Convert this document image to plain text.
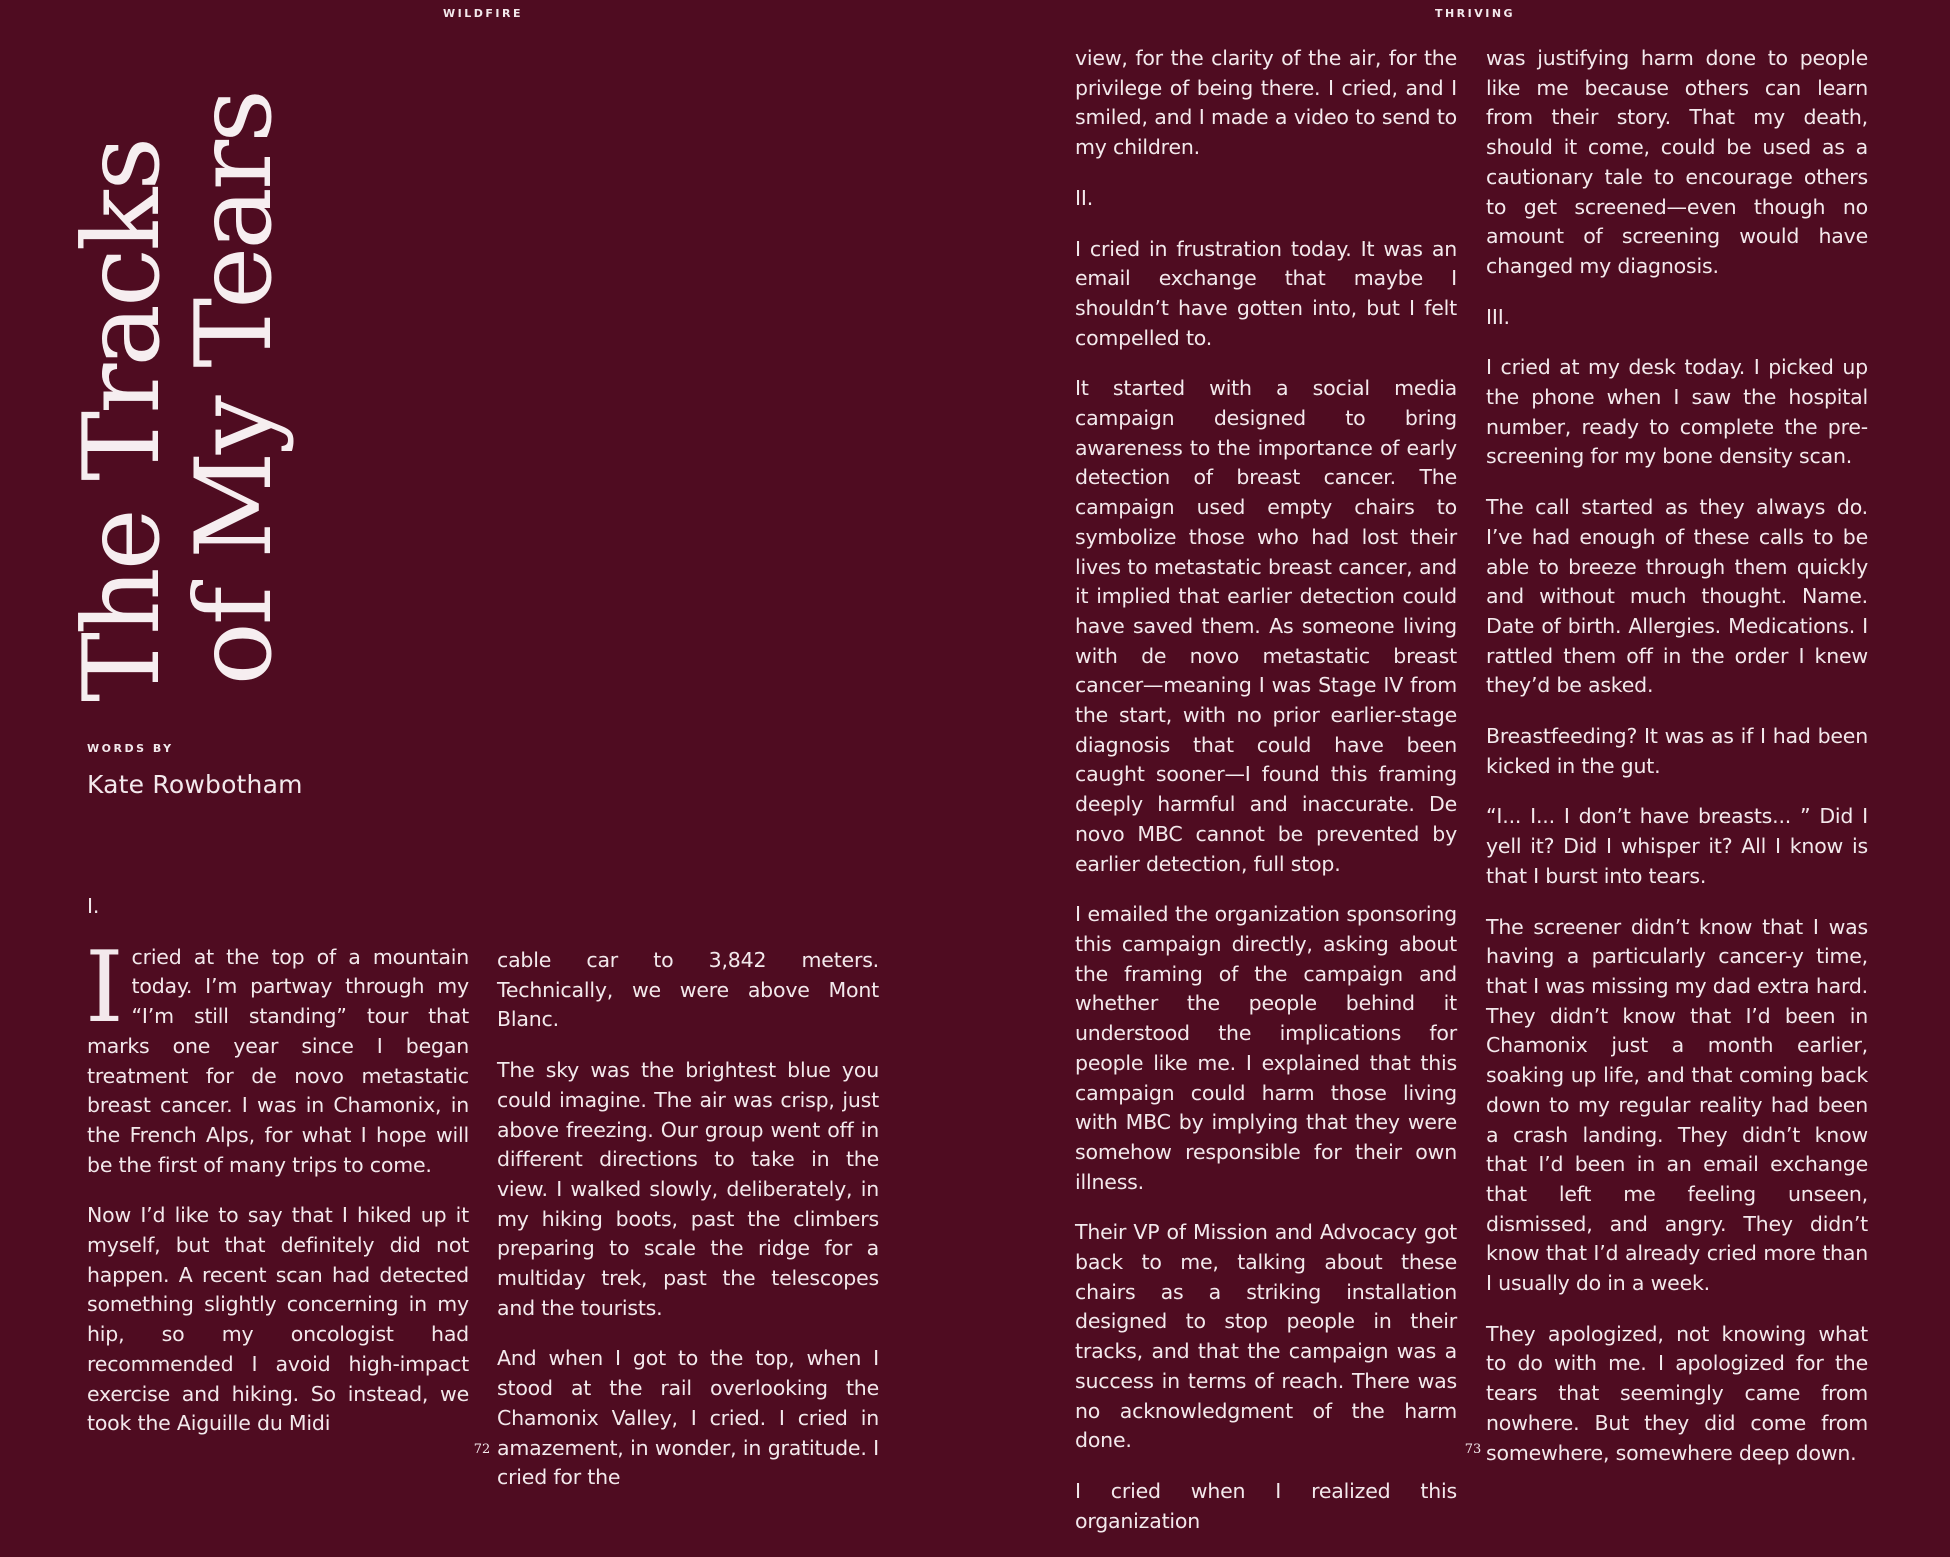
WILDFIRE
The Tracks
of My Tears
WORDS BY
Kate Rowbotham
I.

Icried at the top of a mountain today. I’m partway through my “I’m still standing” tour that marks one year since I began treatment for de novo metastatic breast cancer. I was in Chamonix, in the French Alps, for what I hope will be the first of many trips to come.

Now I’d like to say that I hiked up it myself, but that definitely did not happen. A recent scan had detected something slightly concerning in my hip, so my oncologist had recommended I avoid high-impact exercise and hiking. So instead, we took the Aiguille du Midi

cable car to 3,842 meters. Technically, we were above Mont Blanc.

The sky was the brightest blue you could imagine. The air was crisp, just above freezing. Our group went off in different directions to take in the view. I walked slowly, deliberately, in my hiking boots, past the climbers preparing to scale the ridge for a multiday trek, past the telescopes and the tourists.

And when I got to the top, when I stood at the rail overlooking the Chamonix Valley, I cried. I cried in amazement, in wonder, in gratitude. I cried for the

72
THRIVING

view, for the clarity of the air, for the privilege of being there. I cried, and I smiled, and I made a video to send to my children.

II.

I cried in frustration today. It was an email exchange that maybe I shouldn’t have gotten into, but I felt compelled to.

It started with a social media campaign designed to bring awareness to the importance of early detection of breast cancer. The campaign used empty chairs to symbolize those who had lost their lives to metastatic breast cancer, and it implied that earlier detection could have saved them. As someone living with de novo metastatic breast cancer—meaning I was Stage IV from the start, with no prior earlier-stage diagnosis that could have been caught sooner—I found this framing deeply harmful and inaccurate. De novo MBC cannot be prevented by earlier detection, full stop.

I emailed the organization sponsoring this campaign directly, asking about the framing of the campaign and whether the people behind it understood the implications for people like me. I explained that this campaign could harm those living with MBC by implying that they were somehow responsible for their own illness.

Their VP of Mission and Advocacy got back to me, talking about these chairs as a striking installation designed to stop people in their tracks, and that the campaign was a success in terms of reach. There was no acknowledgment of the harm done.

I cried when I realized this organization

was justifying harm done to people like me because others can learn from their story. That my death, should it come, could be used as a cautionary tale to encourage others to get screened—even though no amount of screening would have changed my diagnosis.

III.

I cried at my desk today. I picked up the phone when I saw the hospital number, ready to complete the pre-screening for my bone density scan.

The call started as they always do. I’ve had enough of these calls to be able to breeze through them quickly and without much thought. Name. Date of birth. Allergies. Medications. I rattled them off in the order I knew they’d be asked.

Breastfeeding? It was as if I had been kicked in the gut.

“I... I... I don’t have breasts... ” Did I yell it? Did I whisper it? All I know is that I burst into tears.

The screener didn’t know that I was having a particularly cancer-y time, that I was missing my dad extra hard. They didn’t know that I’d been in Chamonix just a month earlier, soaking up life, and that coming back down to my regular reality had been a crash landing. They didn’t know that I’d been in an email exchange that left me feeling unseen, dismissed, and angry. They didn’t know that I’d already cried more than I usually do in a week.

They apologized, not knowing what to do with me. I apologized for the tears that seemingly came from nowhere. But they did come from somewhere, somewhere deep down.

73
